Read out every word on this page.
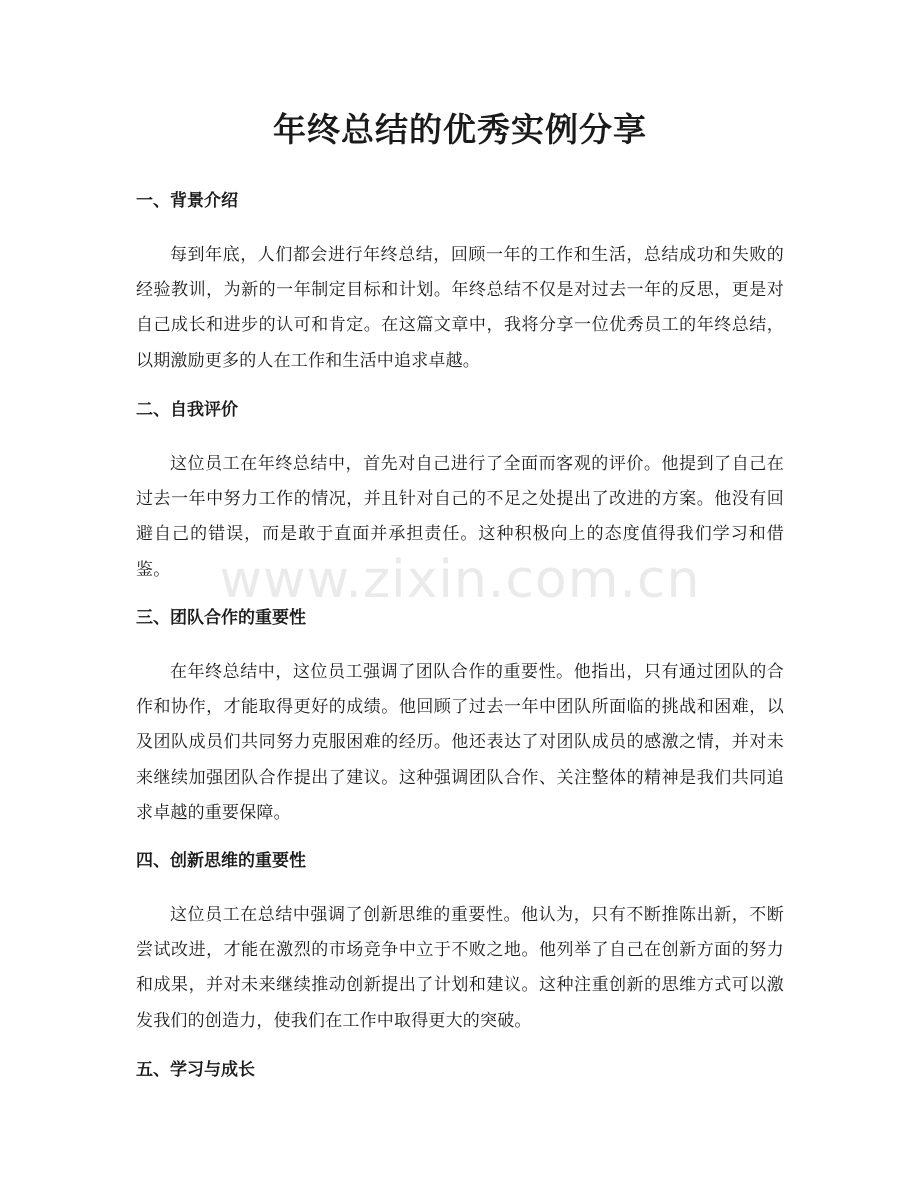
年终总结的优秀实例分享
一、背景介绍

每到年底，人们都会进行年终总结，回顾一年的工作和生活，总结成功和失败的经验教训，为新的一年制定目标和计划。年终总结不仅是对过去一年的反思，更是对自己成长和进步的认可和肯定。在这篇文章中，我将分享一位优秀员工的年终总结，以期激励更多的人在工作和生活中追求卓越。

二、自我评价

这位员工在年终总结中，首先对自己进行了全面而客观的评价。他提到了自己在过去一年中努力工作的情况，并且针对自己的不足之处提出了改进的方案。他没有回避自己的错误，而是敢于直面并承担责任。这种积极向上的态度值得我们学习和借鉴。

三、团队合作的重要性

在年终总结中，这位员工强调了团队合作的重要性。他指出，只有通过团队的合作和协作，才能取得更好的成绩。他回顾了过去一年中团队所面临的挑战和困难，以及团队成员们共同努力克服困难的经历。他还表达了对团队成员的感激之情，并对未来继续加强团队合作提出了建议。这种强调团队合作、关注整体的精神是我们共同追求卓越的重要保障。

四、创新思维的重要性

这位员工在总结中强调了创新思维的重要性。他认为，只有不断推陈出新，不断尝试改进，才能在激烈的市场竞争中立于不败之地。他列举了自己在创新方面的努力和成果，并对未来继续推动创新提出了计划和建议。这种注重创新的思维方式可以激发我们的创造力，使我们在工作中取得更大的突破。

五、学习与成长
www.zixin.com.cn
